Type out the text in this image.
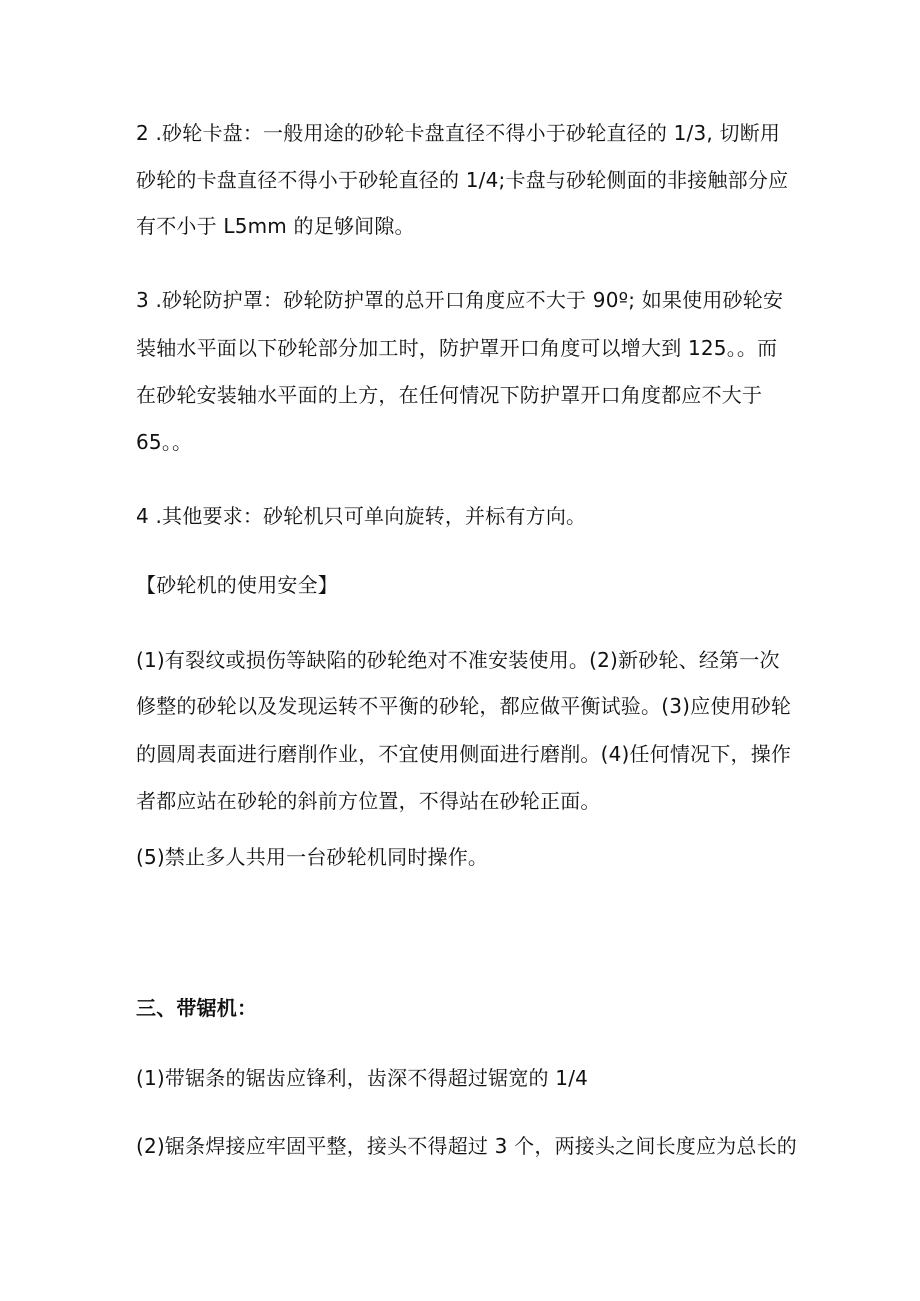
2 .砂轮卡盘：一般用途的砂轮卡盘直径不得小于砂轮直径的 1/3, 切断用
砂轮的卡盘直径不得小于砂轮直径的 1/4;卡盘与砂轮侧面的非接触部分应
有不小于 L5mm 的足够间隙。
3 .砂轮防护罩：砂轮防护罩的总开口角度应不大于 90º; 如果使用砂轮安
装轴水平面以下砂轮部分加工时，防护罩开口角度可以增大到 125。。而
在砂轮安装轴水平面的上方，在任何情况下防护罩开口角度都应不大于
65。。
4 .其他要求：砂轮机只可单向旋转，并标有方向。
【砂轮机的使用安全】
(1)有裂纹或损伤等缺陷的砂轮绝对不准安装使用。(2)新砂轮、经第一次
修整的砂轮以及发现运转不平衡的砂轮，都应做平衡试验。(3)应使用砂轮
的圆周表面进行磨削作业，不宜使用侧面进行磨削。(4)任何情况下，操作
者都应站在砂轮的斜前方位置，不得站在砂轮正面。
(5)禁止多人共用一台砂轮机同时操作。
三、带锯机：
(1)带锯条的锯齿应锋利，齿深不得超过锯宽的 1/4
(2)锯条焊接应牢固平整，接头不得超过 3 个，两接头之间长度应为总长的
